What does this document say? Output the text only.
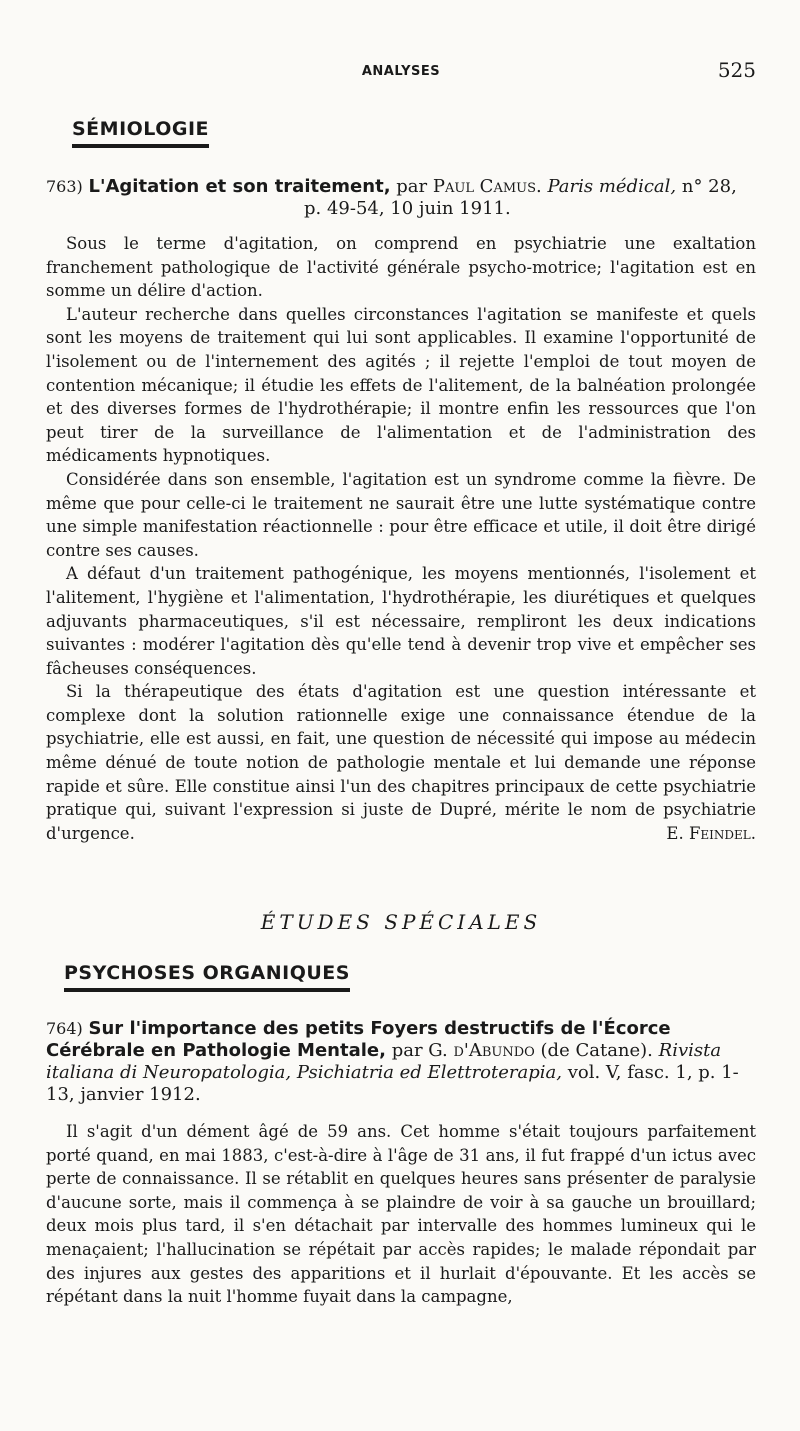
ANALYSES	525
SÉMIOLOGIE
763) L'Agitation et son traitement, par Paul Camus. Paris médical, n° 28,
p. 49-54, 10 juin 1911.

Sous le terme d'agitation, on comprend en psychiatrie une exaltation franchement pathologique de l'activité générale psycho-motrice; l'agitation est en somme un délire d'action.

L'auteur recherche dans quelles circonstances l'agitation se manifeste et quels sont les moyens de traitement qui lui sont applicables. Il examine l'opportunité de l'isolement ou de l'internement des agités ; il rejette l'emploi de tout moyen de contention mécanique; il étudie les effets de l'alitement, de la balnéation prolongée et des diverses formes de l'hydrothérapie; il montre enfin les ressources que l'on peut tirer de la surveillance de l'alimentation et de l'administration des médicaments hypnotiques.

Considérée dans son ensemble, l'agitation est un syndrome comme la fièvre. De même que pour celle-ci le traitement ne saurait être une lutte systématique contre une simple manifestation réactionnelle : pour être efficace et utile, il doit être dirigé contre ses causes.

A défaut d'un traitement pathogénique, les moyens mentionnés, l'isolement et l'alitement, l'hygiène et l'alimentation, l'hydrothérapie, les diurétiques et quelques adjuvants pharmaceutiques, s'il est nécessaire, rempliront les deux indications suivantes : modérer l'agitation dès qu'elle tend à devenir trop vive et empêcher ses fâcheuses conséquences.

Si la thérapeutique des états d'agitation est une question intéressante et complexe dont la solution rationnelle exige une connaissance étendue de la psychiatrie, elle est aussi, en fait, une question de nécessité qui impose au médecin même dénué de toute notion de pathologie mentale et lui demande une réponse rapide et sûre. Elle constitue ainsi l'un des chapitres principaux de cette psychiatrie pratique qui, suivant l'expression si juste de Dupré, mérite le nom de psychiatrie d'urgence.	E. Feindel.

ÉTUDES SPÉCIALES
PSYCHOSES ORGANIQUES
764) Sur l'importance des petits Foyers destructifs de l'Écorce Cérébrale en Pathologie Mentale, par G. d'Abundo (de Catane). Rivista italiana di Neuropatologia, Psichiatria ed Elettroterapia, vol. V, fasc. 1, p. 1-13, janvier 1912.

Il s'agit d'un dément âgé de 59 ans. Cet homme s'était toujours parfaitement porté quand, en mai 1883, c'est-à-dire à l'âge de 31 ans, il fut frappé d'un ictus avec perte de connaissance. Il se rétablit en quelques heures sans présenter de paralysie d'aucune sorte, mais il commença à se plaindre de voir à sa gauche un brouillard; deux mois plus tard, il s'en détachait par intervalle des hommes lumineux qui le menaçaient; l'hallucination se répétait par accès rapides; le malade répondait par des injures aux gestes des apparitions et il hurlait d'épouvante. Et les accès se répétant dans la nuit l'homme fuyait dans la campagne,
